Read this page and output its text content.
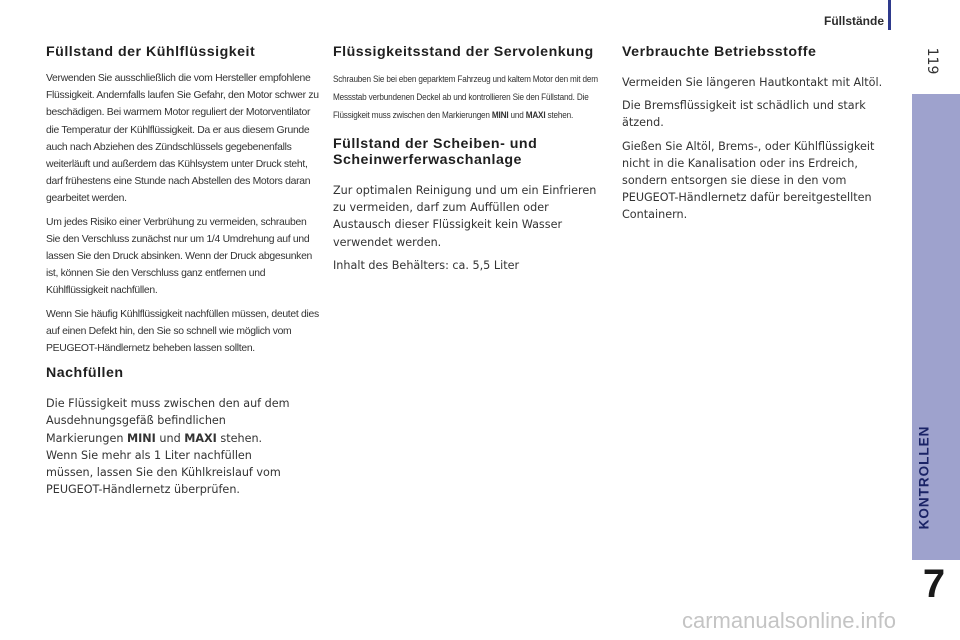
Füllstände
119
KONTROLLEN
7
Füllstand der Kühlflüssigkeit

Verwenden Sie ausschließlich die vom Hersteller empfohlene Flüssigkeit. Andernfalls laufen Sie Gefahr, den Motor schwer zu beschädigen. Bei warmem Motor reguliert der Motorventilator die Temperatur der Kühlflüssigkeit. Da er aus diesem Grunde auch nach Abziehen des Zündschlüssels gegebenenfalls weiterläuft und außerdem das Kühlsystem unter Druck steht, darf frühestens eine Stunde nach Abstellen des Motors daran gearbeitet werden.

Um jedes Risiko einer Verbrühung zu vermeiden, schrauben Sie den Verschluss zunächst nur um 1/4 Umdrehung auf und lassen Sie den Druck absinken. Wenn der Druck abgesunken ist, können Sie den Verschluss ganz entfernen und Kühlflüssigkeit nachfüllen.

Wenn Sie häufig Kühlflüssigkeit nachfüllen müssen, deutet dies auf einen Defekt hin, den Sie so schnell wie möglich vom PEUGEOT-Händlernetz beheben lassen sollten.

Nachfüllen

Die Flüssigkeit muss zwischen den auf dem Ausdehnungsgefäß befindlichen Markierungen MINI und MAXI stehen. Wenn Sie mehr als 1 Liter nachfüllen müssen, lassen Sie den Kühlkreislauf vom PEUGEOT-Händlernetz überprüfen.

Flüssigkeitsstand der Servolenkung

Schrauben Sie bei eben geparktem Fahrzeug und kaltem Motor den mit dem Messstab verbundenen Deckel ab und kontrollieren Sie den Füllstand. Die Flüssigkeit muss zwischen den Markierungen MINI und MAXI stehen.

Füllstand der Scheiben- und Scheinwerferwaschanlage

Zur optimalen Reinigung und um ein Einfrieren zu vermeiden, darf zum Auffüllen oder Austausch dieser Flüssigkeit kein Wasser verwendet werden.

Inhalt des Behälters: ca. 5,5 Liter

Verbrauchte Betriebsstoffe

Vermeiden Sie längeren Hautkontakt mit Altöl.

Die Bremsflüssigkeit ist schädlich und stark ätzend.

Gießen Sie Altöl, Brems-, oder Kühlflüssigkeit nicht in die Kanalisation oder ins Erdreich, sondern entsorgen sie diese in den vom PEUGEOT-Händlernetz dafür bereitgestellten Containern.

carmanualsonline.info
